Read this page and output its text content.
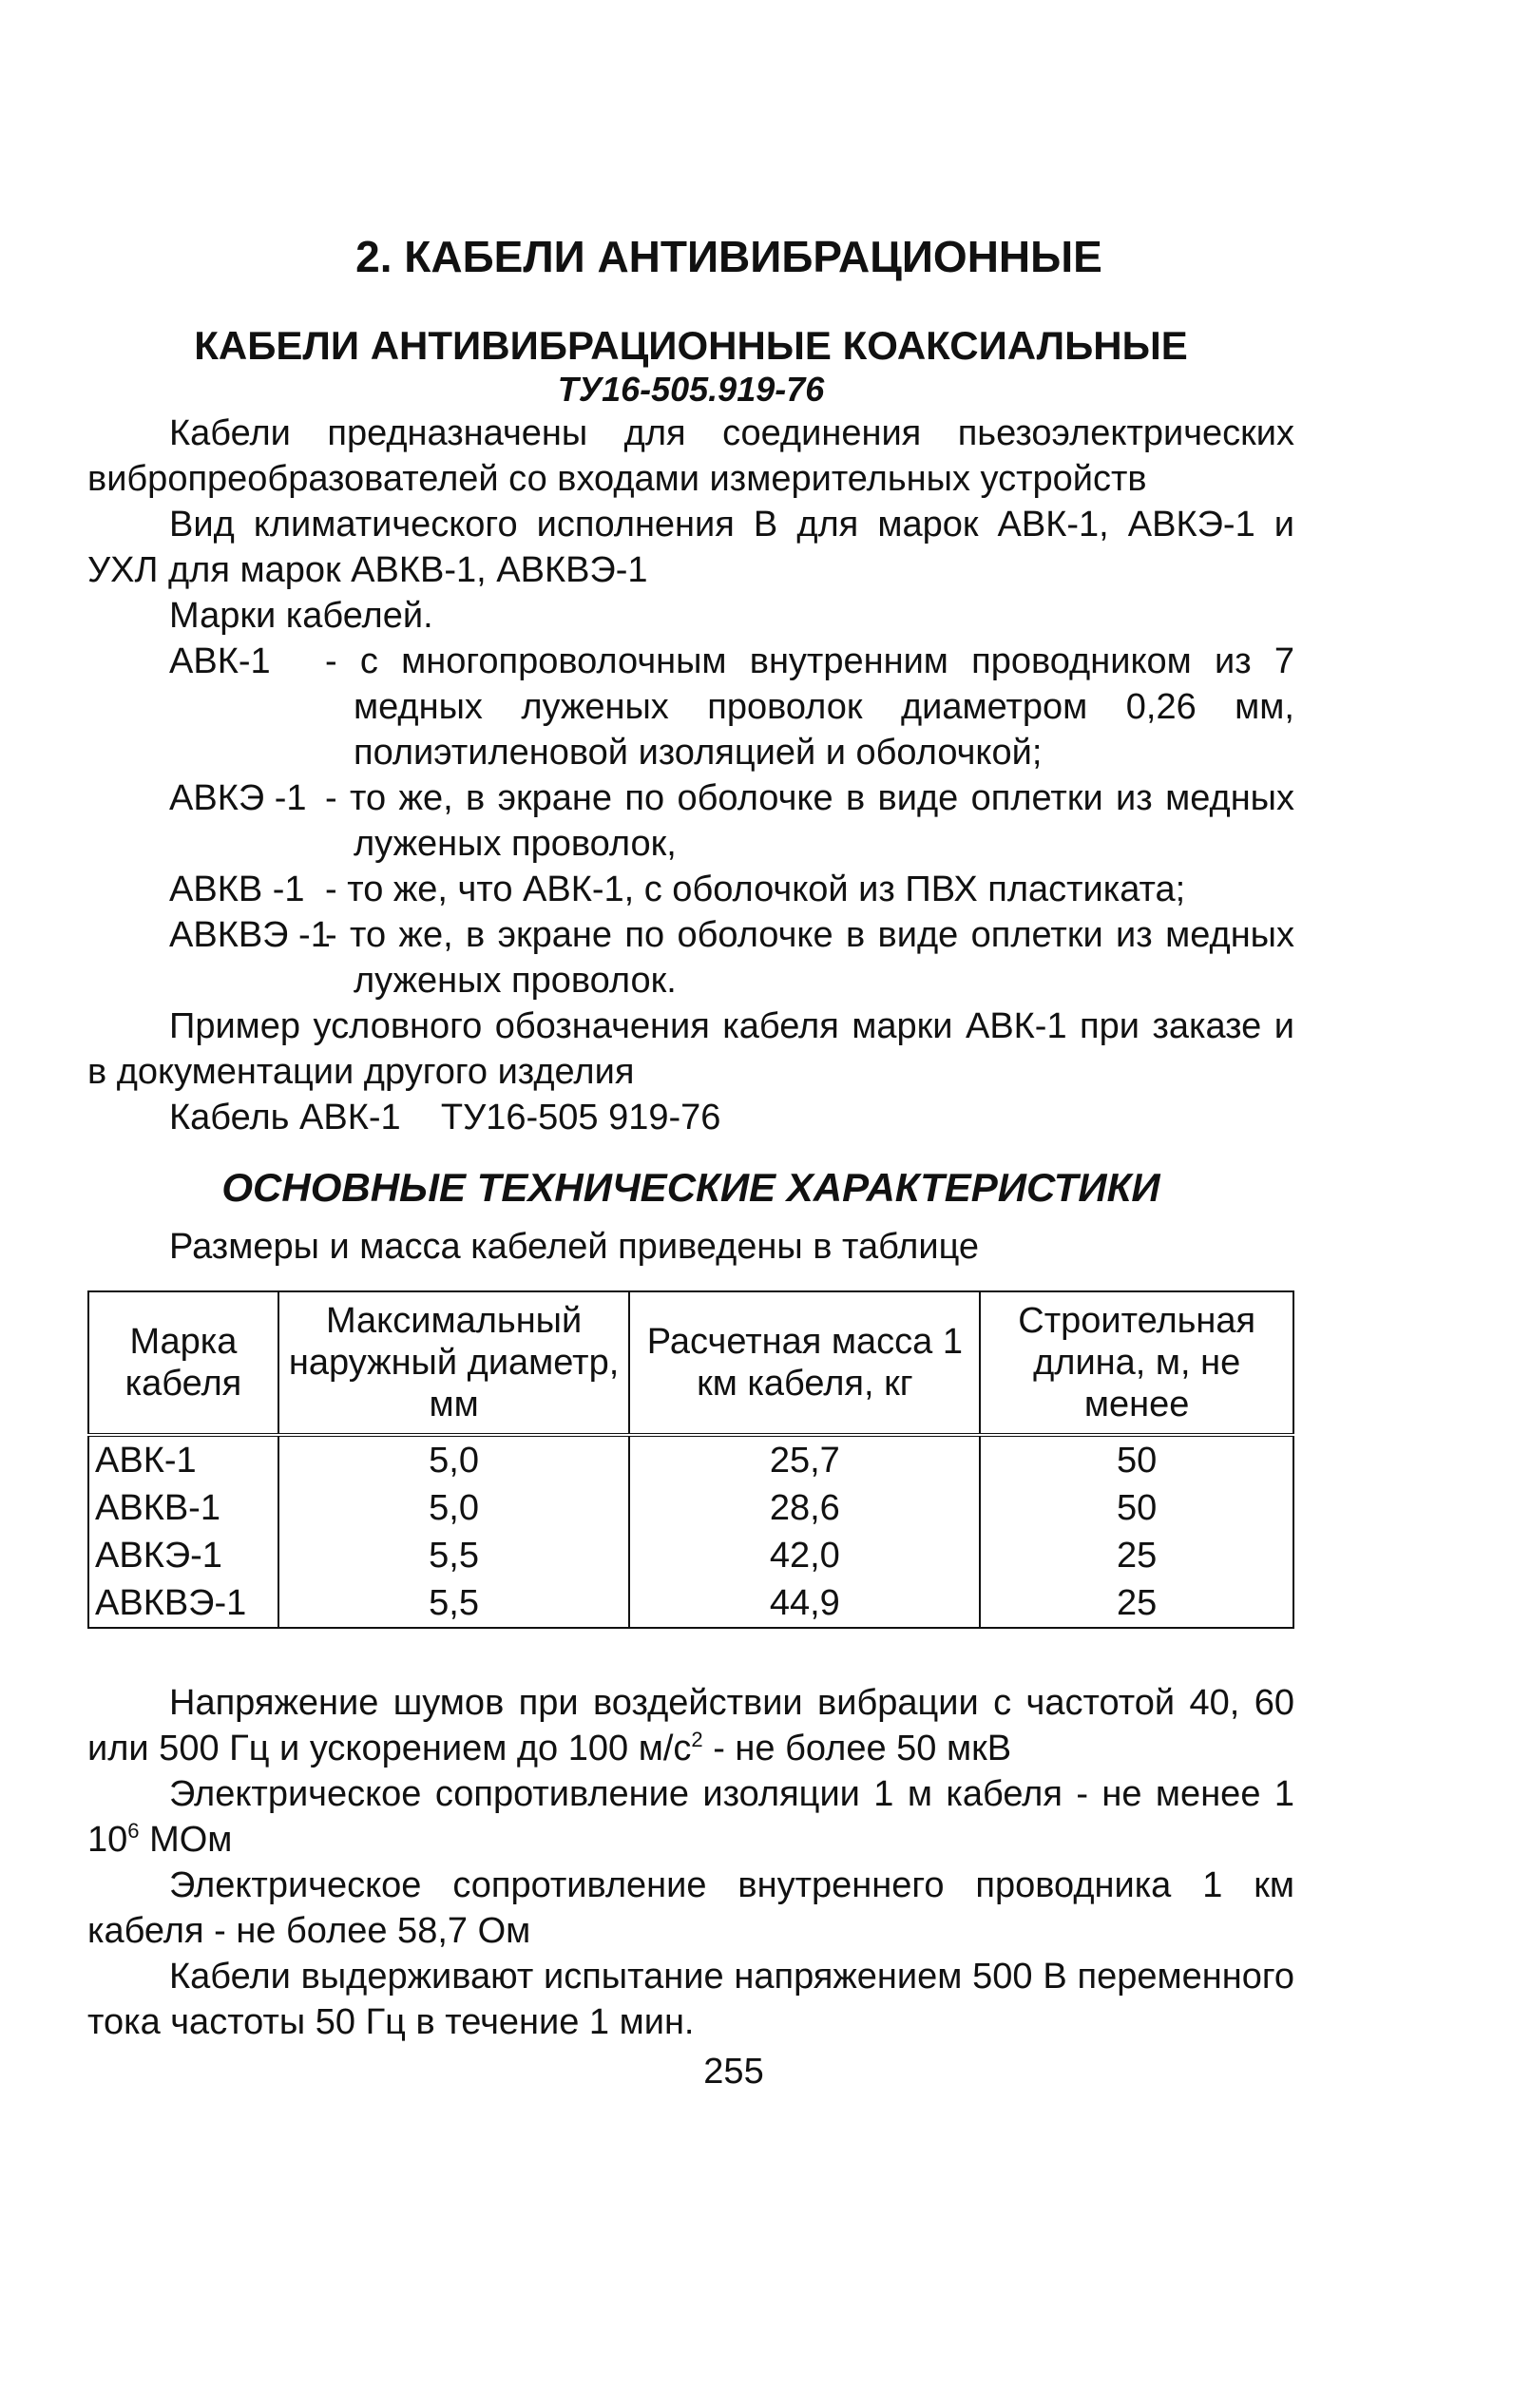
2. КАБЕЛИ АНТИВИБРАЦИОННЫЕ
КАБЕЛИ АНТИВИБРАЦИОННЫЕ КОАКСИАЛЬНЫЕ
ТУ16-505.919-76

Кабели предназначены для соединения пьезоэлектрических вибропреобразователей со входами измерительных устройств

Вид климатического исполнения В для марок АВК-1, АВКЭ-1 и УХЛ для марок АВКВ-1, АВКВЭ-1

Марки кабелей.

АВК-1	- с многопроволочным внутренним проводником из 7 медных луженых проволок диаметром 0,26 мм, полиэтиленовой изоляцией и оболочкой;
АВКЭ -1 - то же, в экране по оболочке в виде оплетки из медных луженых проволок,
АВКВ -1 - то же, что АВК-1, с оболочкой из ПВХ пластиката;
АВКВЭ -1
- то же, в экране по оболочке в виде оплетки из медных луженых проволок.

Пример условного обозначения кабеля марки АВК-1 при заказе и в документации другого изделия

Кабель АВК-1    ТУ16-505 919-76

ОСНОВНЫЕ ТЕХНИЧЕСКИЕ ХАРАКТЕРИСТИКИ

Размеры и масса кабелей приведены в таблице

Марка кабеля	Максимальный наружный диаметр, мм	Расчетная масса 1 км кабеля, кг	Строительная длина, м, не менее
АВК-1	5,0	25,7	50
АВКВ-1	5,0	28,6	50
АВКЭ-1	5,5	42,0	25
АВКВЭ-1	5,5	44,9	25

Напряжение шумов при воздействии вибрации с частотой 40, 60 или 500 Гц и ускорением до 100 $м/с^2$ - не более 50 мкВ

Электрическое сопротивление изоляции 1 м кабеля - не менее 1 $10^6$ МОм

Электрическое сопротивление внутреннего проводника 1 км кабеля - не более 58,7 Ом

Кабели выдерживают испытание напряжением 500 В переменного тока частоты 50 Гц в течение 1 мин.

255
